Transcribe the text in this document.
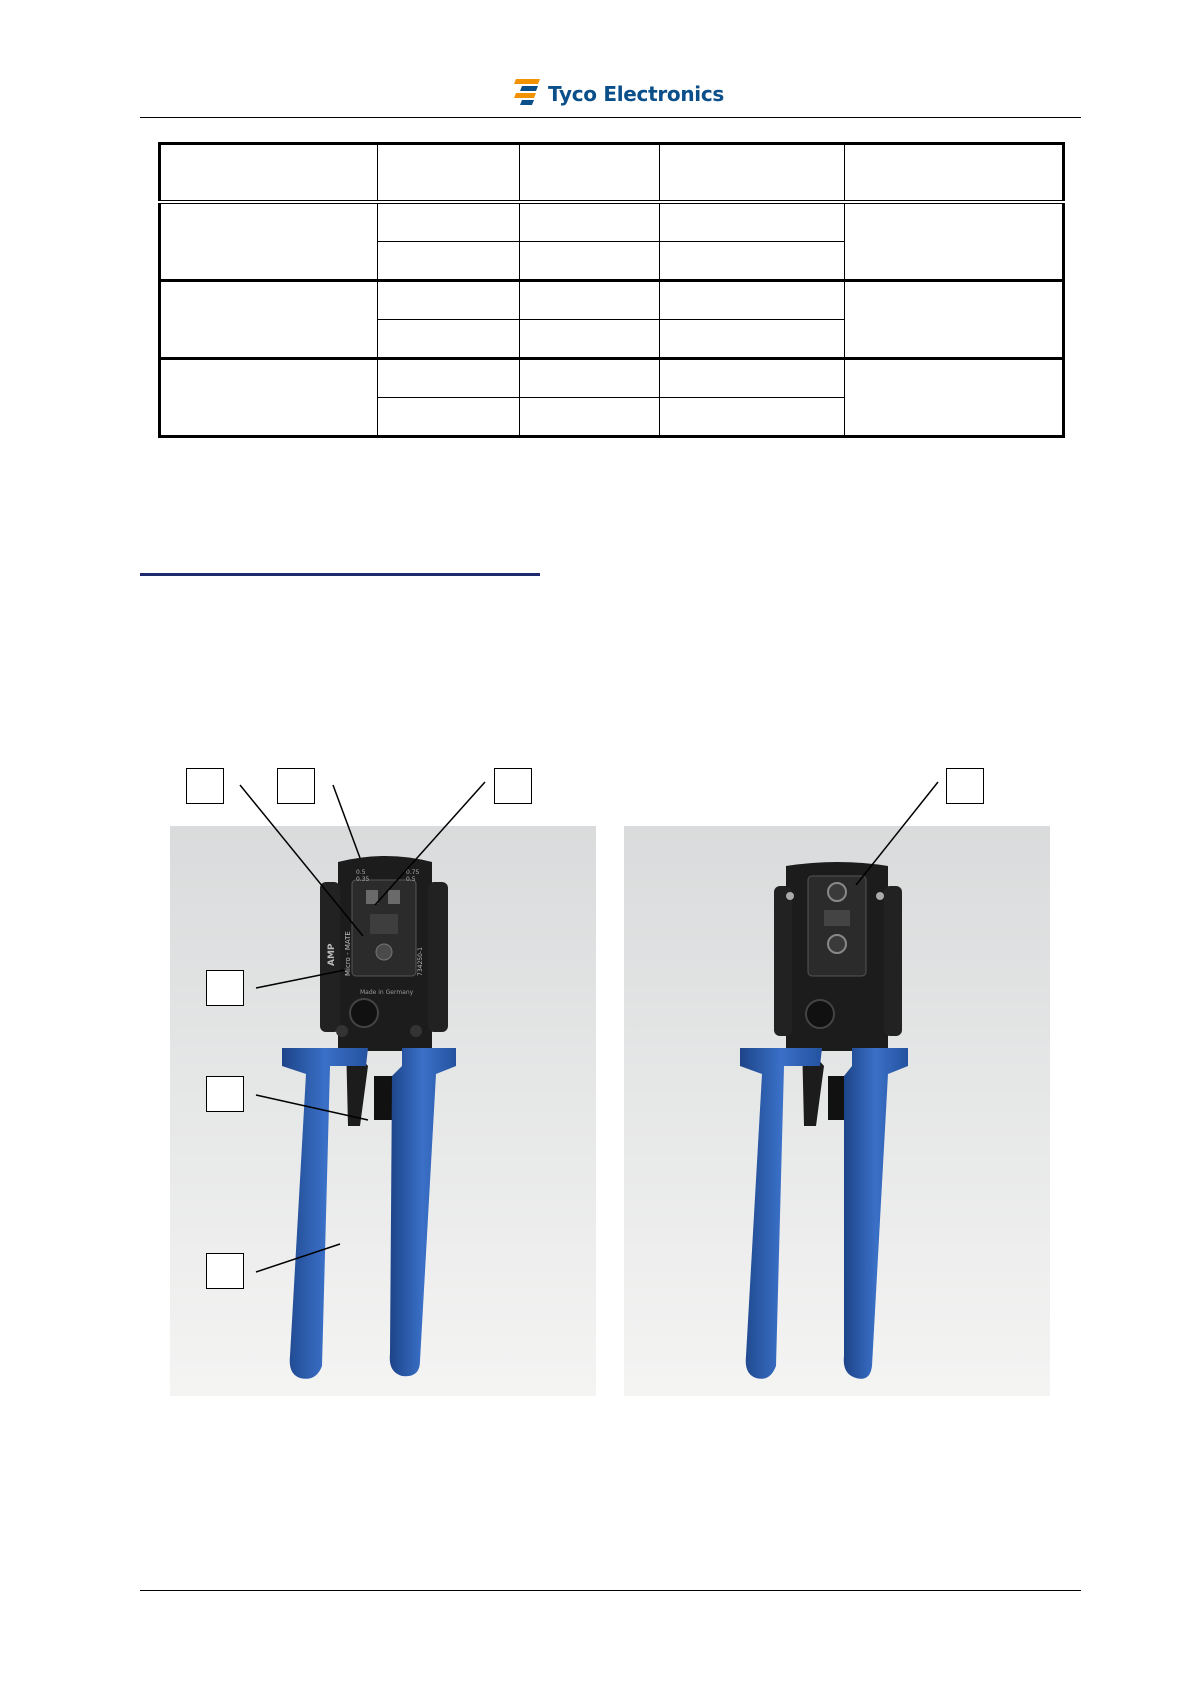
Tyco Electronics

0.5	0.75
0.35	0.5
AMP Micro - MATE	734250-1
Made in Germany
